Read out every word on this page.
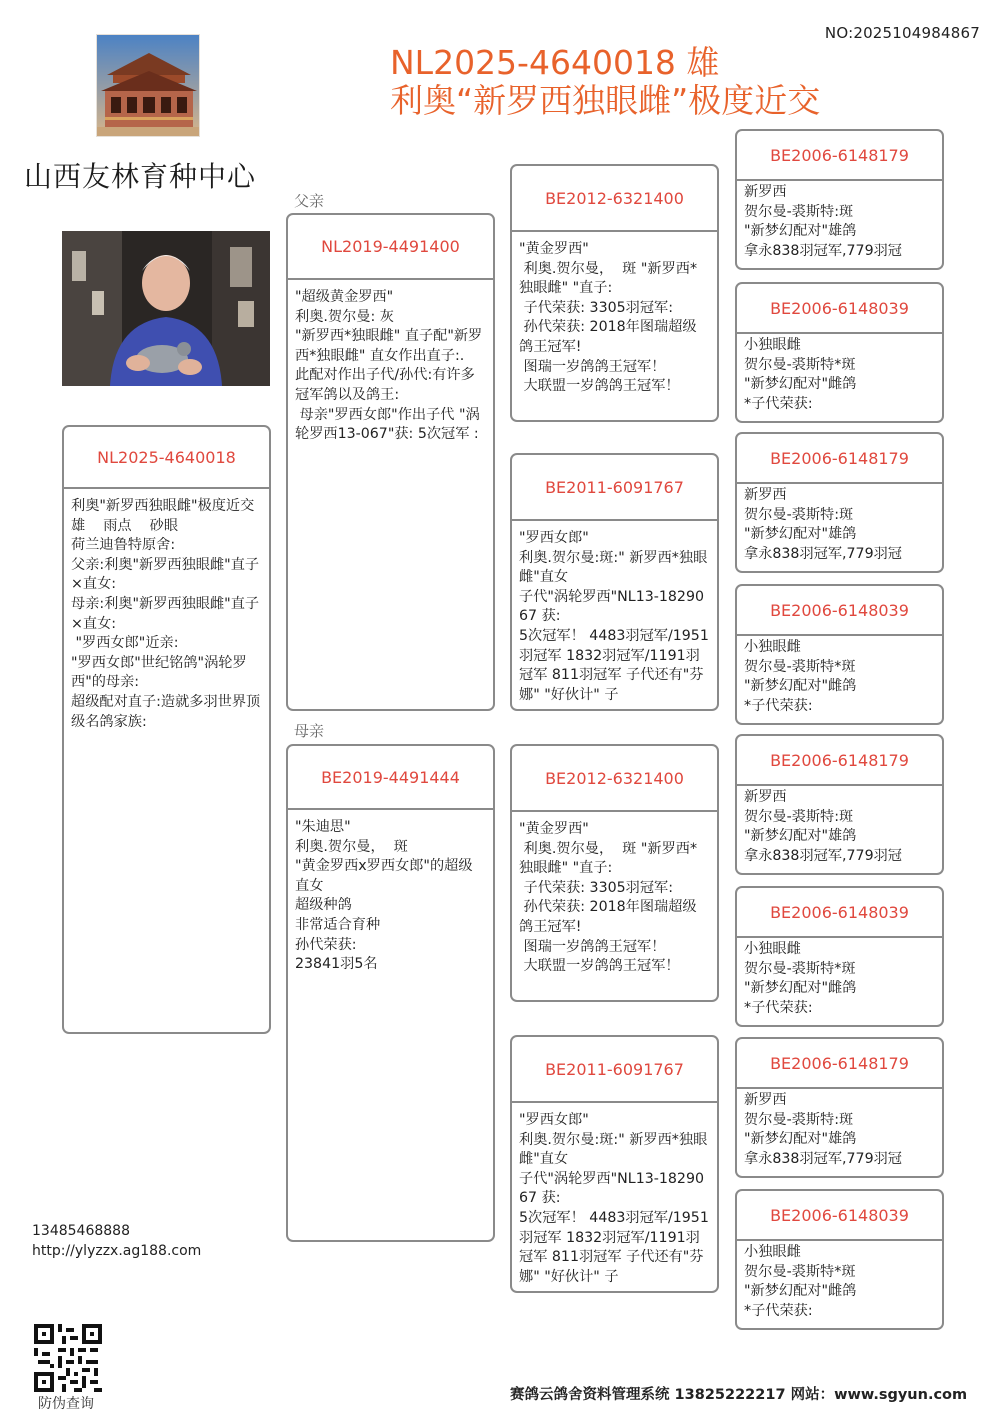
NO:2025104984867
山西友林育种中心
NL2025-4640018 雄
利奥“新罗西独眼雌”极度近交
父亲
母亲
NL2025-4640018
利奥"新罗西独眼雌"极度近交
雄    雨点    砂眼
荷兰迪鲁特原舍:
父亲:利奥"新罗西独眼雌"直子×直女:
母亲:利奥"新罗西独眼雌"直子×直女:
"罗西女郎"近亲:
"罗西女郎"世纪铭鸽"涡轮罗西"的母亲:
超级配对直子:造就多羽世界顶级名鸽家族:
NL2019-4491400
"超级黄金罗西"
利奥.贺尔曼: 灰
"新罗西*独眼雌" 直子配"新罗西*独眼雌" 直女作出直子:.
此配对作出子代/孙代:有许多冠军鸽以及鸽王:
母亲"罗西女郎"作出子代 "涡轮罗西13-067"获: 5次冠军 :
BE2019-4491444
"朱迪思"
利奥.贺尔曼，  斑
"黄金罗西x罗西女郎"的超级直女
超级种鸽
非常适合育种
孙代荣获:
23841羽5名
BE2012-6321400
"黄金罗西"
利奥.贺尔曼，  斑 "新罗西*独眼雌" "直子:
子代荣获: 3305羽冠军:
孙代荣获: 2018年图瑞超级鸽王冠军!
图瑞一岁鸽鸽王冠军！
大联盟一岁鸽鸽王冠军！
BE2011-6091767
"罗西女郎"
利奥.贺尔曼:斑:" 新罗西*独眼雌"直女
子代"涡轮罗西"NL13-1829067 获:
5次冠军！ 4483羽冠军/1951羽冠军 1832羽冠军/1191羽冠军 811羽冠军 子代还有"芬娜" "好伙计" 子
BE2012-6321400
"黄金罗西"
利奥.贺尔曼，  斑 "新罗西*独眼雌" "直子:
子代荣获: 3305羽冠军:
孙代荣获: 2018年图瑞超级鸽王冠军!
图瑞一岁鸽鸽王冠军！
大联盟一岁鸽鸽王冠军！
BE2011-6091767
"罗西女郎"
利奥.贺尔曼:斑:" 新罗西*独眼雌"直女
子代"涡轮罗西"NL13-1829067 获:
5次冠军！ 4483羽冠军/1951羽冠军 1832羽冠军/1191羽冠军 811羽冠军 子代还有"芬娜" "好伙计" 子
BE2006-6148179
新罗西
贺尔曼-裘斯特:斑
"新梦幻配对"雄鸽
拿永838羽冠军,779羽冠
BE2006-6148039
小独眼雌
贺尔曼-裘斯特*斑
"新梦幻配对"雌鸽
*子代荣获:
BE2006-6148179
新罗西
贺尔曼-裘斯特:斑
"新梦幻配对"雄鸽
拿永838羽冠军,779羽冠
BE2006-6148039
小独眼雌
贺尔曼-裘斯特*斑
"新梦幻配对"雌鸽
*子代荣获:
BE2006-6148179
新罗西
贺尔曼-裘斯特:斑
"新梦幻配对"雄鸽
拿永838羽冠军,779羽冠
BE2006-6148039
小独眼雌
贺尔曼-裘斯特*斑
"新梦幻配对"雌鸽
*子代荣获:
BE2006-6148179
新罗西
贺尔曼-裘斯特:斑
"新梦幻配对"雄鸽
拿永838羽冠军,779羽冠
BE2006-6148039
小独眼雌
贺尔曼-裘斯特*斑
"新梦幻配对"雌鸽
*子代荣获:
13485468888
http://ylyzzx.ag188.com
防伪查询
赛鸽云鸽舍资料管理系统 13825222217 网站：www.sgyun.com
